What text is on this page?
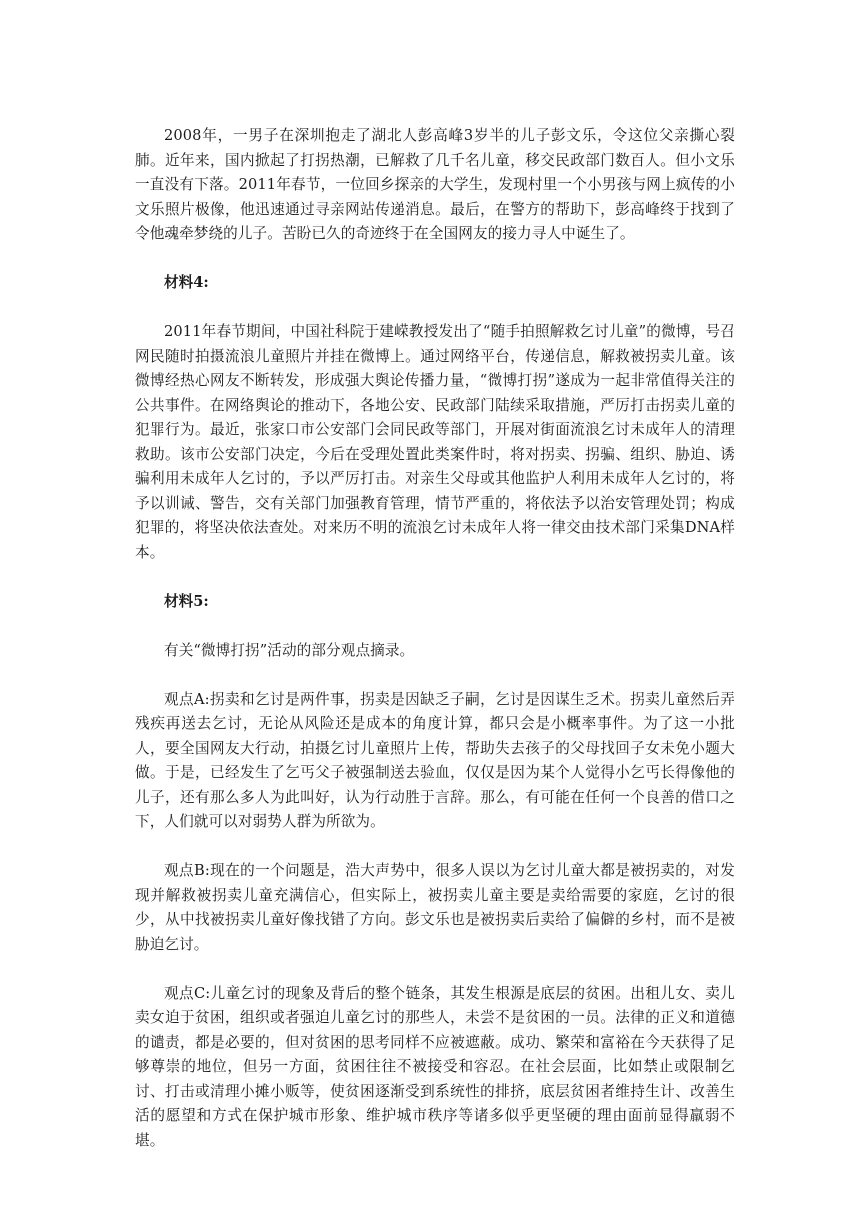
2008年，一男子在深圳抱走了湖北人彭高峰3岁半的儿子彭文乐，令这位父亲撕心裂肺。近年来，国内掀起了打拐热潮，已解救了几千名儿童，移交民政部门数百人。但小文乐一直没有下落。2011年春节，一位回乡探亲的大学生，发现村里一个小男孩与网上疯传的小文乐照片极像，他迅速通过寻亲网站传递消息。最后，在警方的帮助下，彭高峰终于找到了令他魂牵梦绕的儿子。苦盼已久的奇迹终于在全国网友的接力寻人中诞生了。

材料4:

2011年春节期间，中国社科院于建嵘教授发出了“随手拍照解救乞讨儿童”的微博，号召网民随时拍摄流浪儿童照片并挂在微博上。通过网络平台，传递信息，解救被拐卖儿童。该微博经热心网友不断转发，形成强大舆论传播力量，“微博打拐”遂成为一起非常值得关注的公共事件。在网络舆论的推动下，各地公安、民政部门陆续采取措施，严厉打击拐卖儿童的犯罪行为。最近，张家口市公安部门会同民政等部门，开展对街面流浪乞讨未成年人的清理救助。该市公安部门决定，今后在受理处置此类案件时，将对拐卖、拐骗、组织、胁迫、诱骗利用未成年人乞讨的，予以严厉打击。对亲生父母或其他监护人利用未成年人乞讨的，将予以训诫、警告，交有关部门加强教育管理，情节严重的，将依法予以治安管理处罚；构成犯罪的，将坚决依法查处。对来历不明的流浪乞讨未成年人将一律交由技术部门采集DNA样本。

材料5:

有关“微博打拐”活动的部分观点摘录。

观点A:拐卖和乞讨是两件事，拐卖是因缺乏子嗣，乞讨是因谋生乏术。拐卖儿童然后弄残疾再送去乞讨，无论从风险还是成本的角度计算，都只会是小概率事件。为了这一小批人，要全国网友大行动，拍摄乞讨儿童照片上传，帮助失去孩子的父母找回子女未免小题大做。于是，已经发生了乞丐父子被强制送去验血，仅仅是因为某个人觉得小乞丐长得像他的儿子，还有那么多人为此叫好，认为行动胜于言辞。那么，有可能在任何一个良善的借口之下，人们就可以对弱势人群为所欲为。

观点B:现在的一个问题是，浩大声势中，很多人误以为乞讨儿童大都是被拐卖的，对发现并解救被拐卖儿童充满信心，但实际上，被拐卖儿童主要是卖给需要的家庭，乞讨的很少，从中找被拐卖儿童好像找错了方向。彭文乐也是被拐卖后卖给了偏僻的乡村，而不是被胁迫乞讨。

观点C:儿童乞讨的现象及背后的整个链条，其发生根源是底层的贫困。出租儿女、卖儿卖女迫于贫困，组织或者强迫儿童乞讨的那些人，未尝不是贫困的一员。法律的正义和道德的谴责，都是必要的，但对贫困的思考同样不应被遮蔽。成功、繁荣和富裕在今天获得了足够尊崇的地位，但另一方面，贫困往往不被接受和容忍。在社会层面，比如禁止或限制乞讨、打击或清理小摊小贩等，使贫困逐渐受到系统性的排挤，底层贫困者维持生计、改善生活的愿望和方式在保护城市形象、维护城市秩序等诸多似乎更坚硬的理由面前显得羸弱不堪。
